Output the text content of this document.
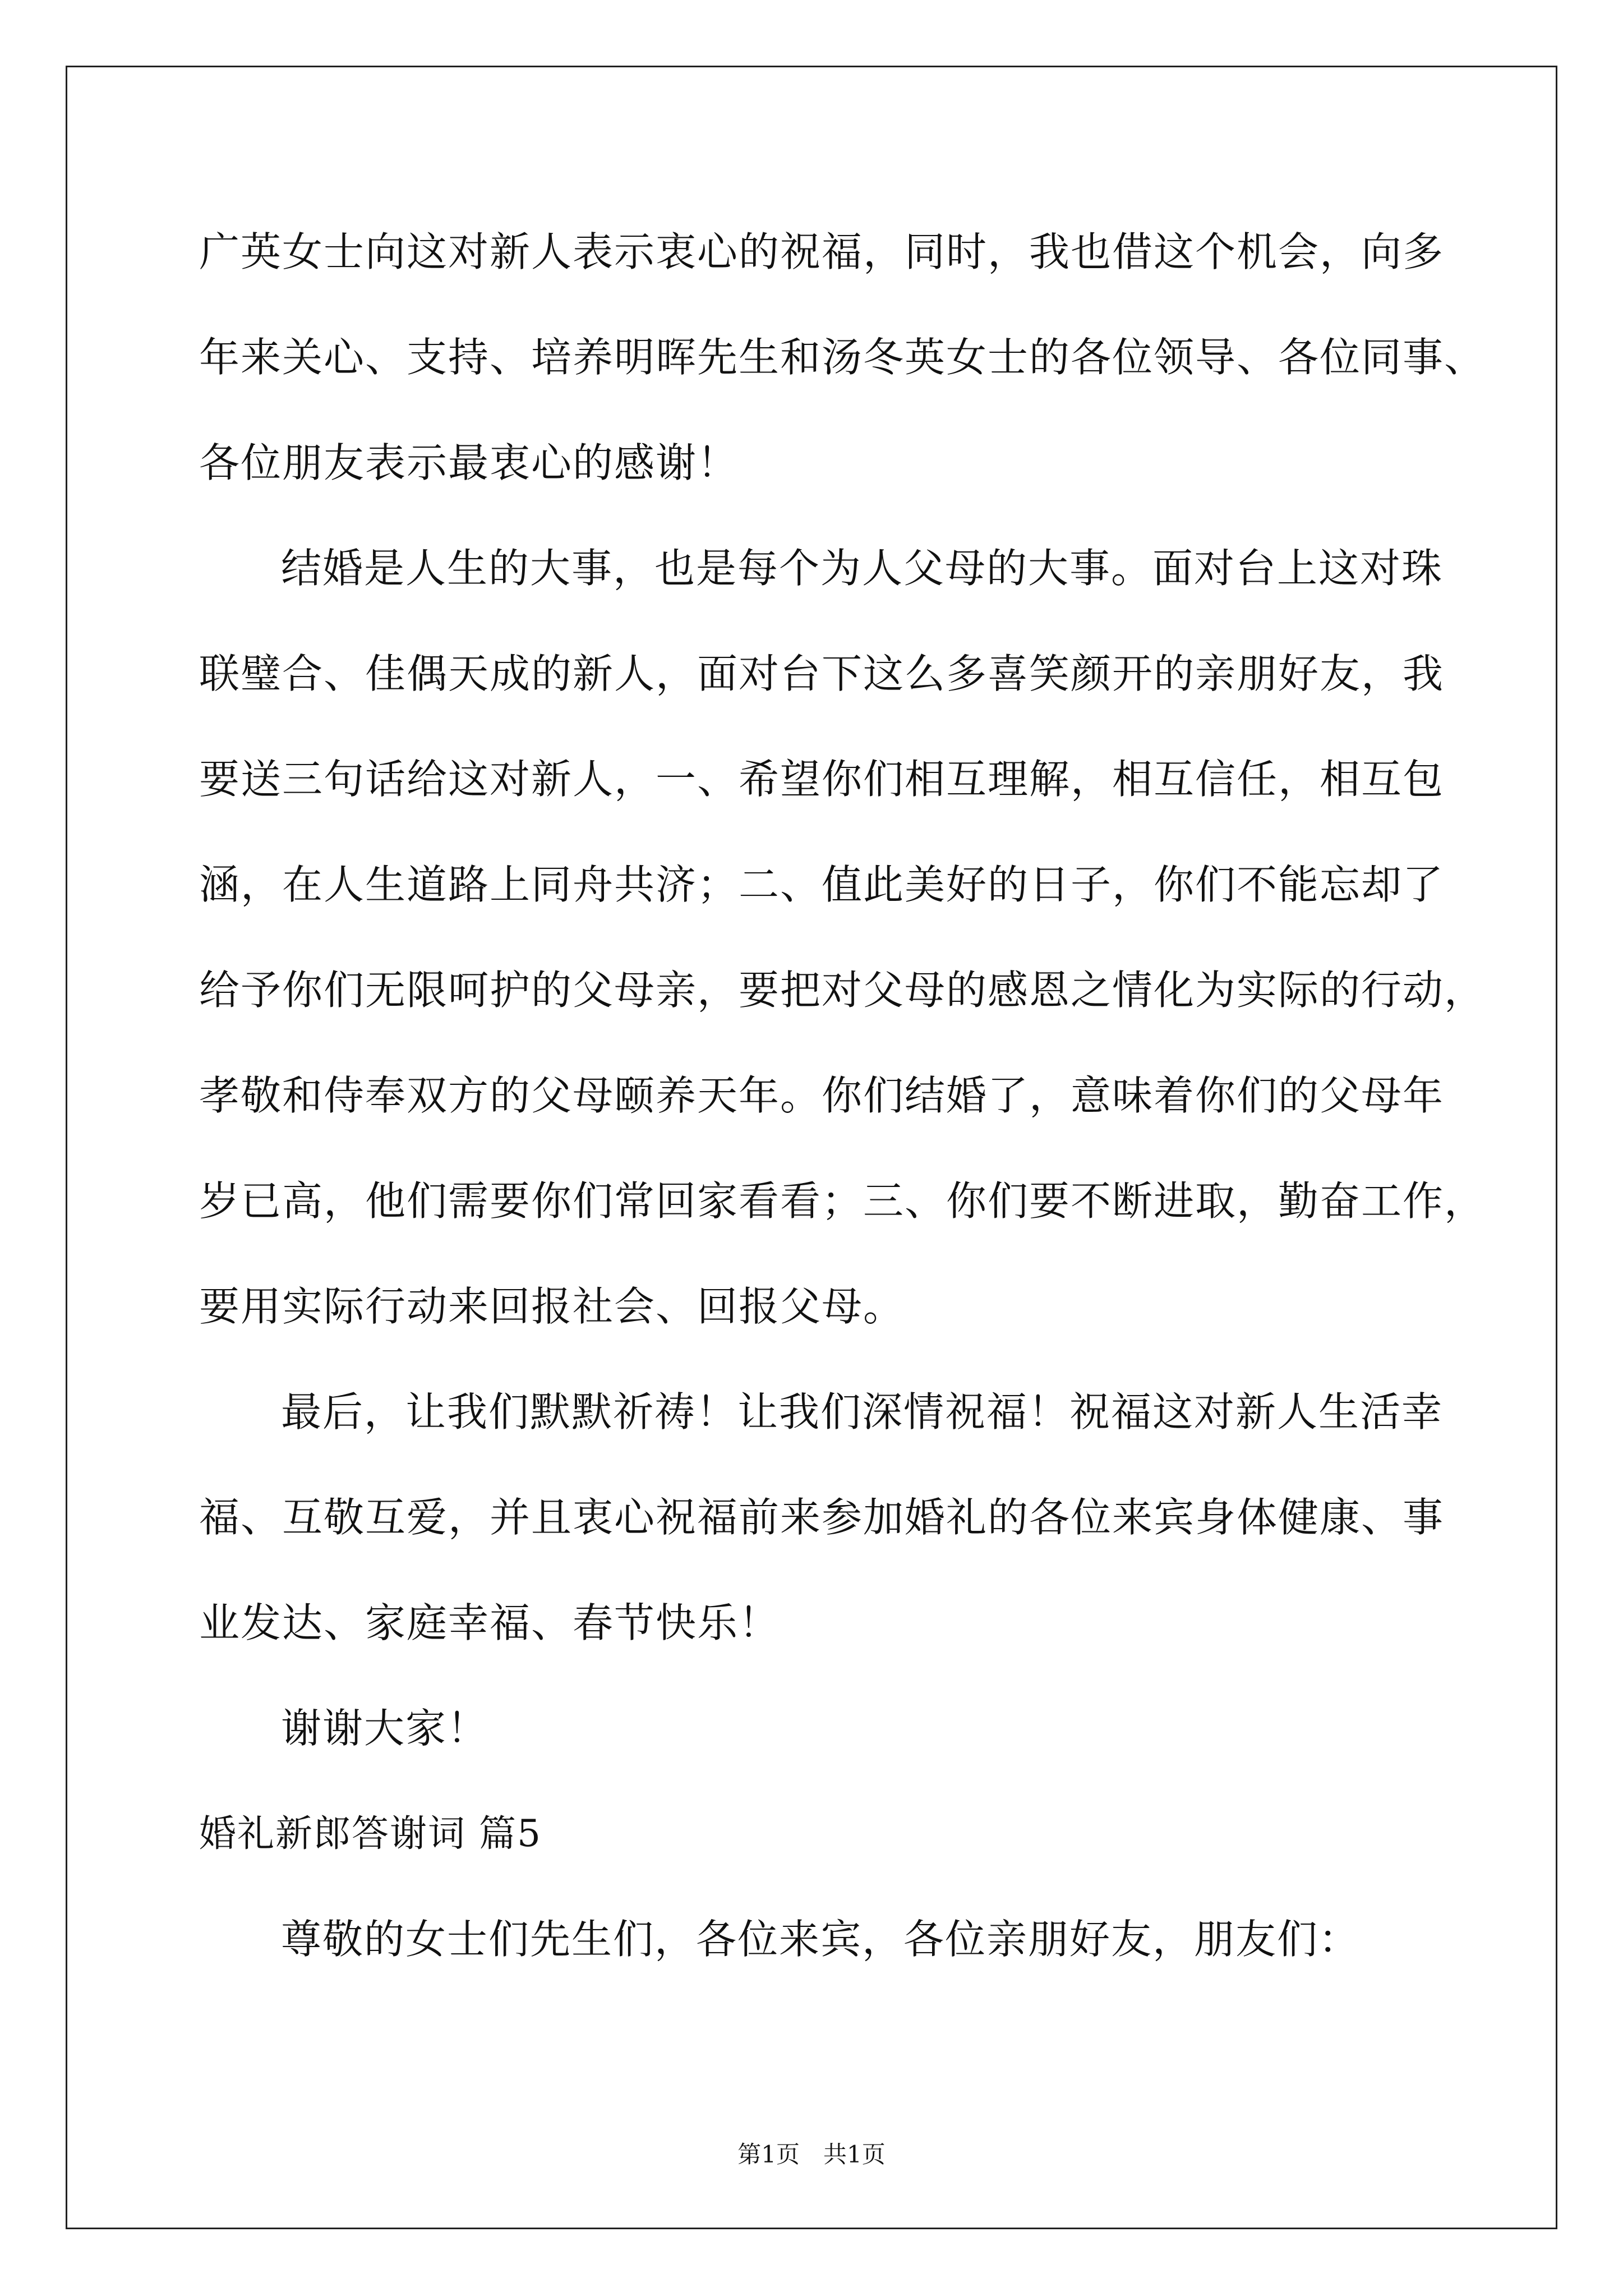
广英女士向这对新人表示衷心的祝福，同时，我也借这个机会，向多
年来关心、支持、培养明晖先生和汤冬英女士的各位领导、各位同事、
各位朋友表示最衷心的感谢！

结婚是人生的大事，也是每个为人父母的大事。面对台上这对珠
联璧合、佳偶天成的新人，面对台下这么多喜笑颜开的亲朋好友，我
要送三句话给这对新人，一、希望你们相互理解，相互信任，相互包
涵，在人生道路上同舟共济；二、值此美好的日子，你们不能忘却了
给予你们无限呵护的父母亲，要把对父母的感恩之情化为实际的行动，
孝敬和侍奉双方的父母颐养天年。你们结婚了，意味着你们的父母年
岁已高，他们需要你们常回家看看；三、你们要不断进取，勤奋工作，
要用实际行动来回报社会、回报父母。

最后，让我们默默祈祷！让我们深情祝福！祝福这对新人生活幸
福、互敬互爱，并且衷心祝福前来参加婚礼的各位来宾身体健康、事
业发达、家庭幸福、春节快乐！

谢谢大家！

婚礼新郎答谢词 篇5

尊敬的女士们先生们，各位来宾，各位亲朋好友，朋友们：

第1页　共1页
